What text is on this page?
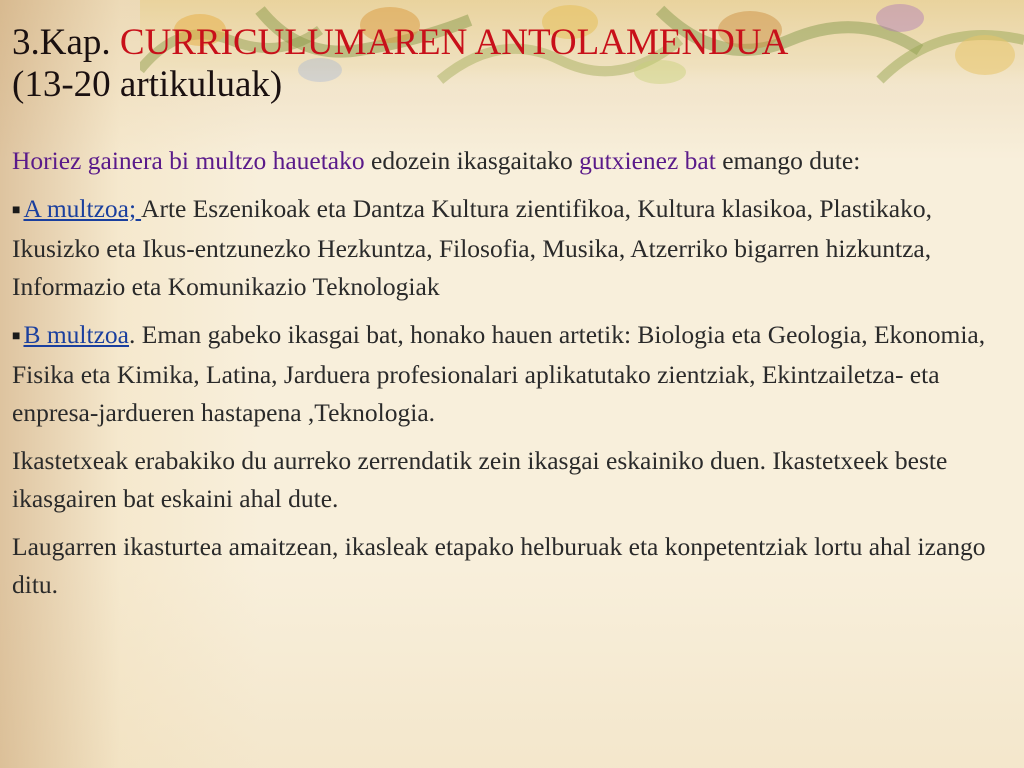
3.Kap. CURRICULUMAREN ANTOLAMENDUA
(13-20 artikuluak)

Horiez gainera bi multzo hauetako edozein ikasgaitako gutxienez bat emango dute:

■ A multzoa; Arte Eszenikoak eta Dantza Kultura zientifikoa, Kultura klasikoa, Plastikako, Ikusizko eta Ikus-entzunezko Hezkuntza, Filosofia, Musika, Atzerriko bigarren hizkuntza, Informazio eta Komunikazio Teknologiak

■ B multzoa. Eman gabeko ikasgai bat, honako hauen artetik: Biologia eta Geologia, Ekonomia, Fisika eta Kimika, Latina, Jarduera profesionalari aplikatutako zientziak, Ekintzailetza- eta enpresa-jardueren hastapena ,Teknologia.

Ikastetxeak erabakiko du aurreko zerrendatik zein ikasgai eskainiko duen. Ikastetxeek beste ikasgairen bat eskaini ahal dute.

Laugarren ikasturtea amaitzean, ikasleak etapako helburuak eta konpetentziak lortu ahal izango ditu.
